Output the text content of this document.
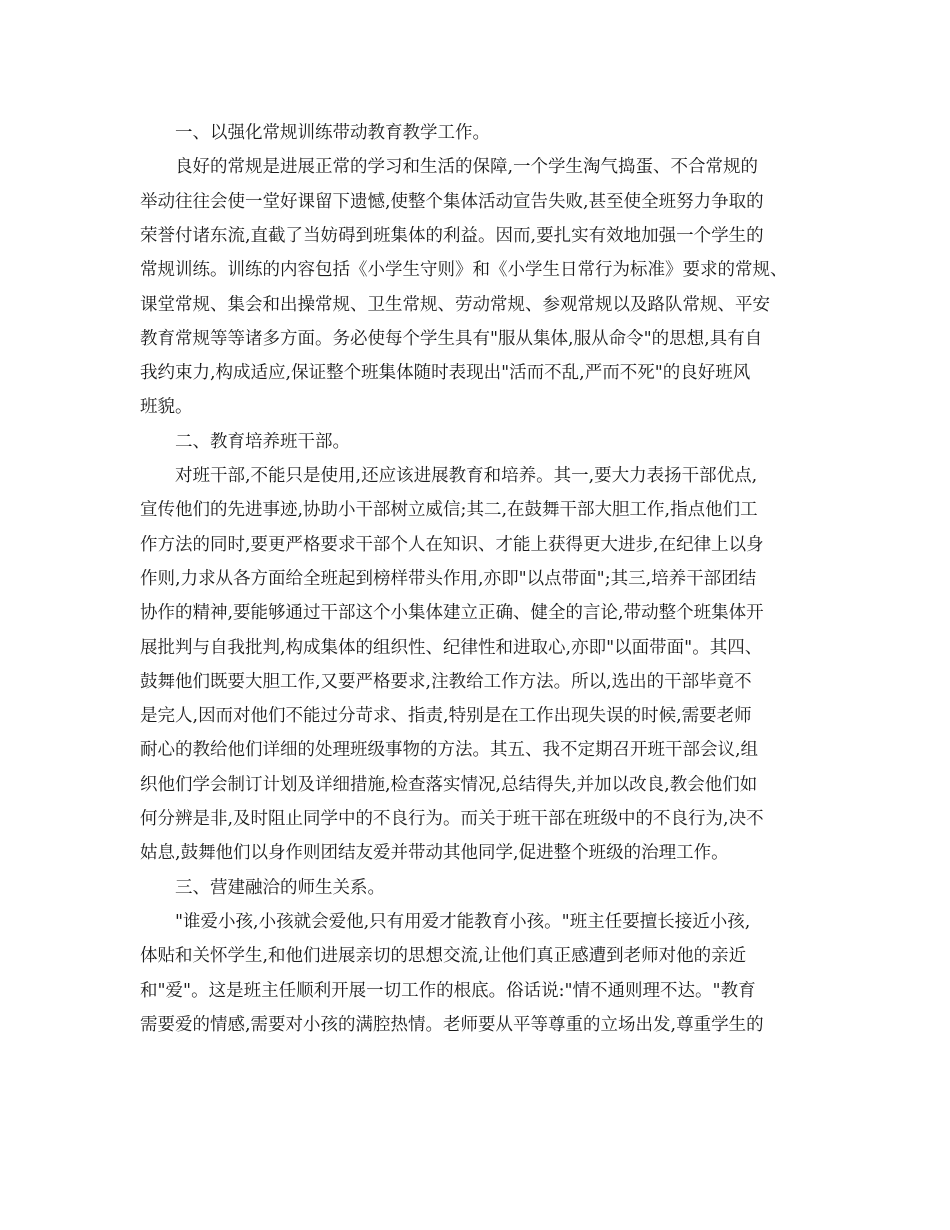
一、以强化常规训练带动教育教学工作。
良好的常规是进展正常的学习和生活的保障,一个学生淘气捣蛋、不合常规的
举动往往会使一堂好课留下遗憾,使整个集体活动宣告失败,甚至使全班努力争取的
荣誉付诸东流,直截了当妨碍到班集体的利益。因而,要扎实有效地加强一个学生的
常规训练。训练的内容包括《小学生守则》和《小学生日常行为标准》要求的常规、
课堂常规、集会和出操常规、卫生常规、劳动常规、参观常规以及路队常规、平安
教育常规等等诸多方面。务必使每个学生具有"服从集体,服从命令"的思想,具有自
我约束力,构成适应,保证整个班集体随时表现出"活而不乱,严而不死"的良好班风
班貌。
二、教育培养班干部。
对班干部,不能只是使用,还应该进展教育和培养。其一,要大力表扬干部优点,
宣传他们的先进事迹,协助小干部树立威信;其二,在鼓舞干部大胆工作,指点他们工
作方法的同时,要更严格要求干部个人在知识、才能上获得更大进步,在纪律上以身
作则,力求从各方面给全班起到榜样带头作用,亦即"以点带面";其三,培养干部团结
协作的精神,要能够通过干部这个小集体建立正确、健全的言论,带动整个班集体开
展批判与自我批判,构成集体的组织性、纪律性和进取心,亦即"以面带面"。其四、
鼓舞他们既要大胆工作,又要严格要求,注教给工作方法。所以,选出的干部毕竟不
是完人,因而对他们不能过分苛求、指责,特别是在工作出现失误的时候,需要老师
耐心的教给他们详细的处理班级事物的方法。其五、我不定期召开班干部会议,组
织他们学会制订计划及详细措施,检查落实情况,总结得失,并加以改良,教会他们如
何分辨是非,及时阻止同学中的不良行为。而关于班干部在班级中的不良行为,决不
姑息,鼓舞他们以身作则团结友爱并带动其他同学,促进整个班级的治理工作。
三、营建融洽的师生关系。
"谁爱小孩,小孩就会爱他,只有用爱才能教育小孩。"班主任要擅长接近小孩,
体贴和关怀学生,和他们进展亲切的思想交流,让他们真正感遭到老师对他的亲近
和"爱"。这是班主任顺利开展一切工作的根底。俗话说:"情不通则理不达。"教育
需要爱的情感,需要对小孩的满腔热情。老师要从平等尊重的立场出发,尊重学生的
